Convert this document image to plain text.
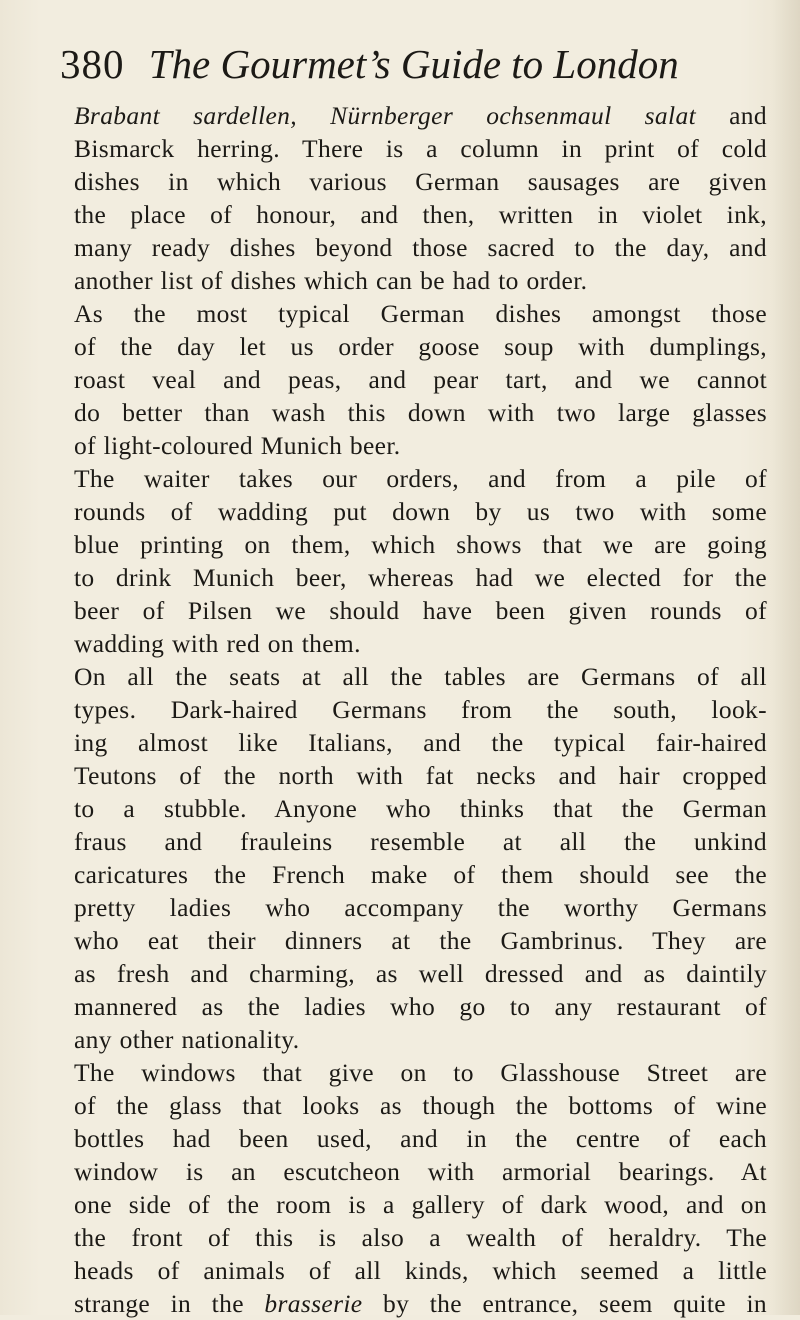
380 The Gourmet’s Guide to London
Brabant sardellen, Nürnberger ochsenmaul salat and
Bismarck herring. There is a column in print of cold
dishes in which various German sausages are given
the place of honour, and then, written in violet ink,
many ready dishes beyond those sacred to the day, and
another list of dishes which can be had to order.
As the most typical German dishes amongst those
of the day let us order goose soup with dumplings,
roast veal and peas, and pear tart, and we cannot
do better than wash this down with two large glasses
of light-coloured Munich beer.
The waiter takes our orders, and from a pile of
rounds of wadding put down by us two with some
blue printing on them, which shows that we are going
to drink Munich beer, whereas had we elected for the
beer of Pilsen we should have been given rounds of
wadding with red on them.
On all the seats at all the tables are Germans of all
types. Dark-haired Germans from the south, look-
ing almost like Italians, and the typical fair-haired
Teutons of the north with fat necks and hair cropped
to a stubble. Anyone who thinks that the German
fraus and frauleins resemble at all the unkind
caricatures the French make of them should see the
pretty ladies who accompany the worthy Germans
who eat their dinners at the Gambrinus. They are
as fresh and charming, as well dressed and as daintily
mannered as the ladies who go to any restaurant of
any other nationality.
The windows that give on to Glasshouse Street are
of the glass that looks as though the bottoms of wine
bottles had been used, and in the centre of each
window is an escutcheon with armorial bearings. At
one side of the room is a gallery of dark wood, and on
the front of this is also a wealth of heraldry. The
heads of animals of all kinds, which seemed a little
strange in the brasserie by the entrance, seem quite in
